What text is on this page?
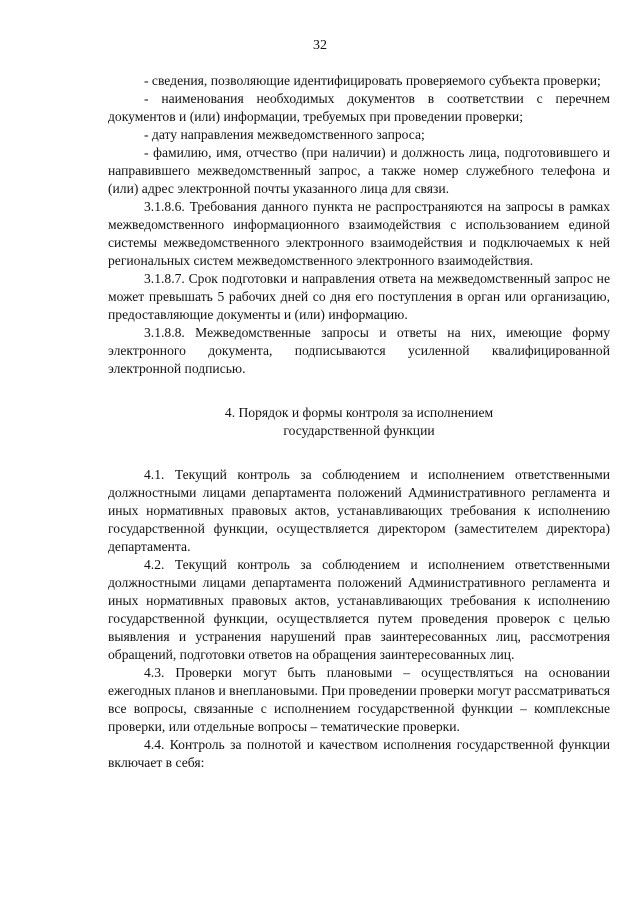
32

- сведения, позволяющие идентифицировать проверяемого субъекта проверки;

- наименования необходимых документов в соответствии с перечнем документов и (или) информации, требуемых при проведении проверки;

- дату направления межведомственного запроса;

- фамилию, имя, отчество (при наличии) и должность лица, подготовившего и направившего межведомственный запрос, а также номер служебного телефона и (или) адрес электронной почты указанного лица для связи.

3.1.8.6. Требования данного пункта не распространяются на запросы в рамках межведомственного информационного взаимодействия с использованием единой системы межведомственного электронного взаимодействия и подключаемых к ней региональных систем межведомственного электронного взаимодействия.

3.1.8.7. Срок подготовки и направления ответа на межведомственный запрос не может превышать 5 рабочих дней со дня его поступления в орган или организацию, предоставляющие документы и (или) информацию.

3.1.8.8. Межведомственные запросы и ответы на них, имеющие форму электронного документа, подписываются усиленной квалифицированной электронной подписью.

4. Порядок и формы контроля за исполнением
государственной функции

4.1. Текущий контроль за соблюдением и исполнением ответственными должностными лицами департамента положений Административного регламента и иных нормативных правовых актов, устанавливающих требования к исполнению государственной функции, осуществляется директором (заместителем директора) департамента.

4.2. Текущий контроль за соблюдением и исполнением ответственными должностными лицами департамента положений Административного регламента и иных нормативных правовых актов, устанавливающих требования к исполнению государственной функции, осуществляется путем проведения проверок с целью выявления и устранения нарушений прав заинтересованных лиц, рассмотрения обращений, подготовки ответов на обращения заинтересованных лиц.

4.3. Проверки могут быть плановыми – осуществляться на основании ежегодных планов и внеплановыми. При проведении проверки могут рассматриваться все вопросы, связанные с исполнением государственной функции – комплексные проверки, или отдельные вопросы – тематические проверки.

4.4. Контроль за полнотой и качеством исполнения государственной функции включает в себя:
